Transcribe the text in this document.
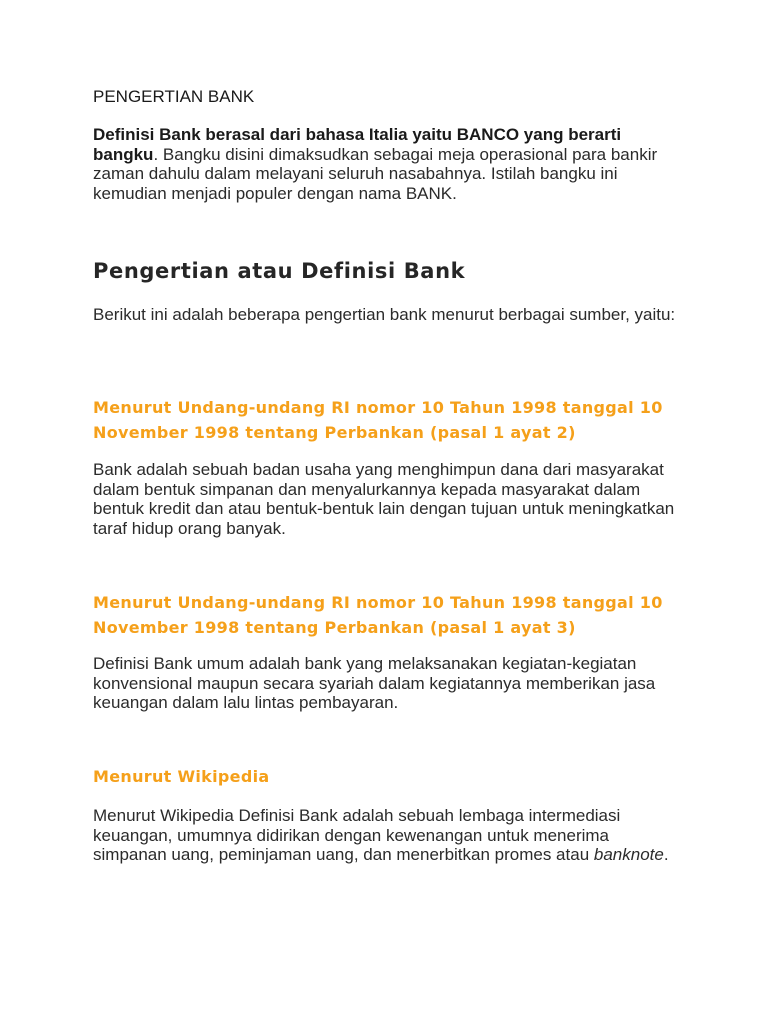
PENGERTIAN BANK

Definisi Bank berasal dari bahasa Italia yaitu BANCO yang berarti bangku. Bangku disini dimaksudkan sebagai meja operasional para bankir zaman dahulu dalam melayani seluruh nasabahnya. Istilah bangku ini kemudian menjadi populer dengan nama BANK.

Pengertian atau Definisi Bank

Berikut ini adalah beberapa pengertian bank menurut berbagai sumber, yaitu:

Menurut Undang-undang RI nomor 10 Tahun 1998 tanggal 10 November 1998 tentang Perbankan (pasal 1 ayat 2)

Bank adalah sebuah badan usaha yang menghimpun dana dari masyarakat dalam bentuk simpanan dan menyalurkannya kepada masyarakat dalam bentuk kredit dan atau bentuk-bentuk lain dengan tujuan untuk meningkatkan taraf hidup orang banyak.

Menurut Undang-undang RI nomor 10 Tahun 1998 tanggal 10 November 1998 tentang Perbankan (pasal 1 ayat 3)

Definisi Bank umum adalah bank yang melaksanakan kegiatan-kegiatan konvensional maupun secara syariah dalam kegiatannya memberikan jasa keuangan dalam lalu lintas pembayaran.

Menurut Wikipedia

Menurut Wikipedia Definisi Bank adalah sebuah lembaga intermediasi keuangan, umumnya didirikan dengan kewenangan untuk menerima simpanan uang, peminjaman uang, dan menerbitkan promes atau banknote.
